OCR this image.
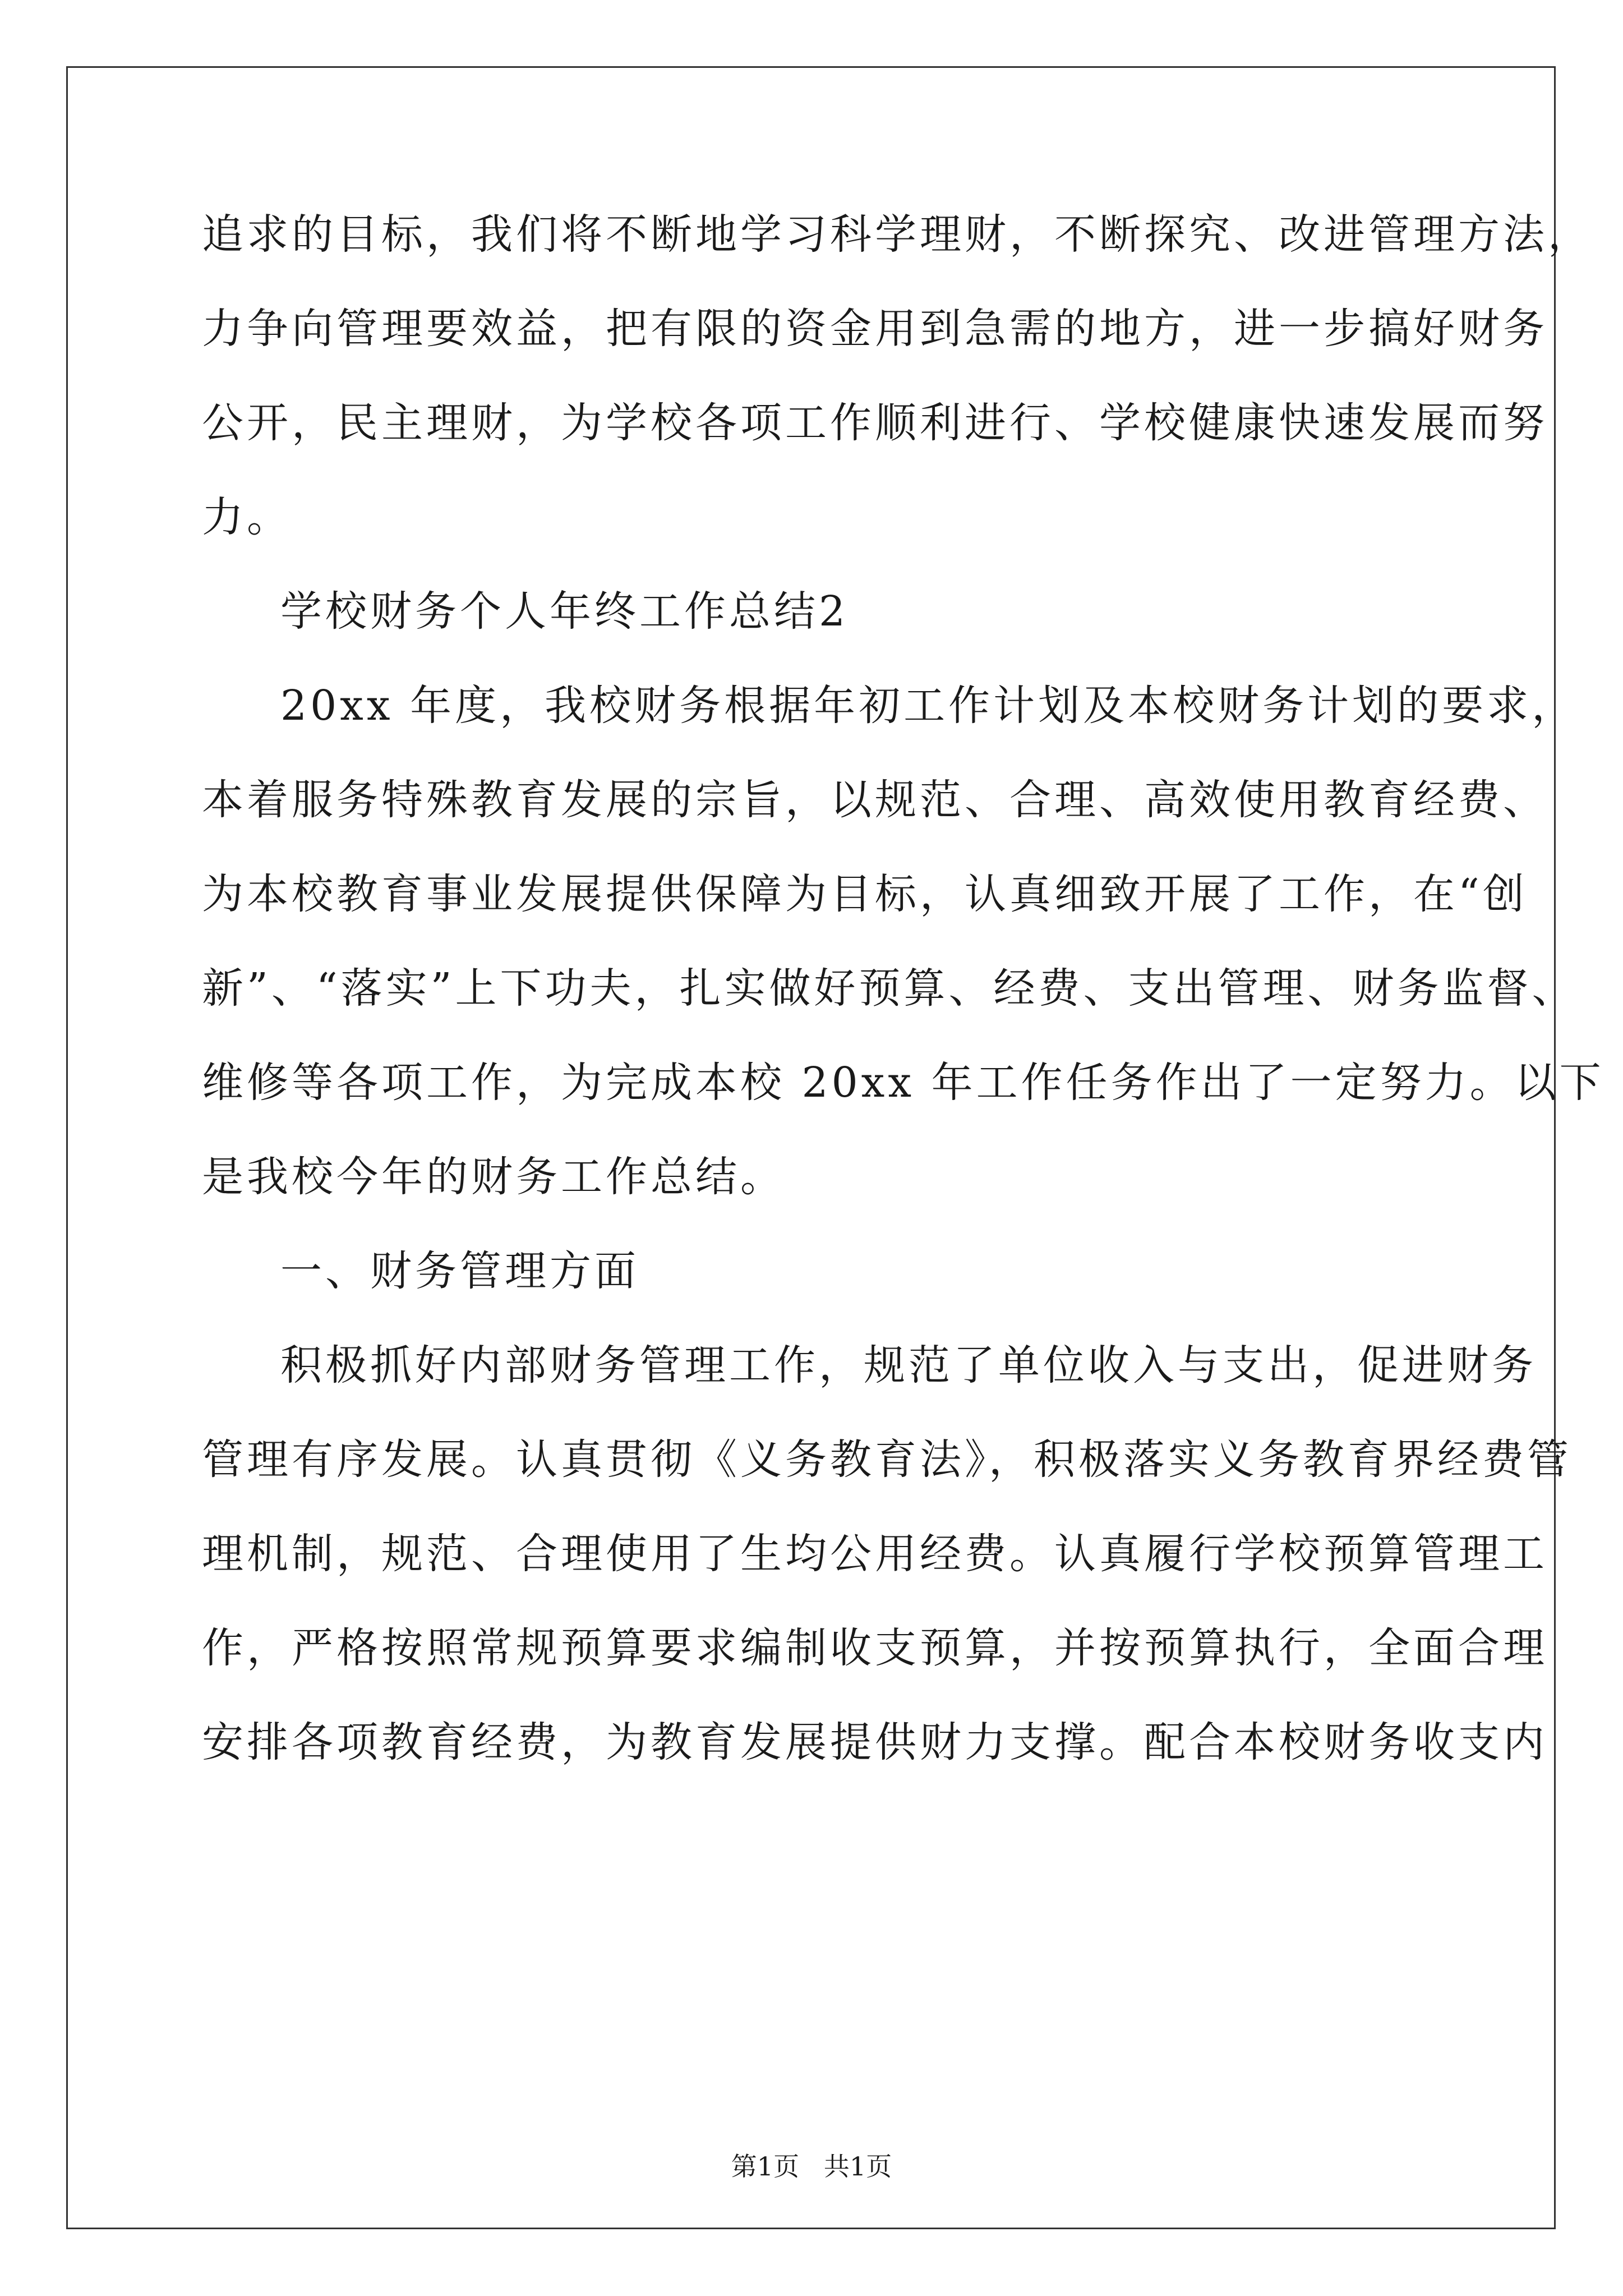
追求的目标，我们将不断地学习科学理财，不断探究、改进管理方法，
力争向管理要效益，把有限的资金用到急需的地方，进一步搞好财务
公开，民主理财，为学校各项工作顺利进行、学校健康快速发展而努
力。
学校财务个人年终工作总结2
20xx 年度，我校财务根据年初工作计划及本校财务计划的要求，
本着服务特殊教育发展的宗旨，以规范、合理、高效使用教育经费、
为本校教育事业发展提供保障为目标，认真细致开展了工作，在“创
新”、“落实”上下功夫，扎实做好预算、经费、支出管理、财务监督、
维修等各项工作，为完成本校 20xx 年工作任务作出了一定努力。以下
是我校今年的财务工作总结。
一、财务管理方面
积极抓好内部财务管理工作，规范了单位收入与支出，促进财务
管理有序发展。认真贯彻《义务教育法》，积极落实义务教育界经费管
理机制，规范、合理使用了生均公用经费。认真履行学校预算管理工
作，严格按照常规预算要求编制收支预算，并按预算执行，全面合理
安排各项教育经费，为教育发展提供财力支撑。配合本校财务收支内
第1页   共1页
